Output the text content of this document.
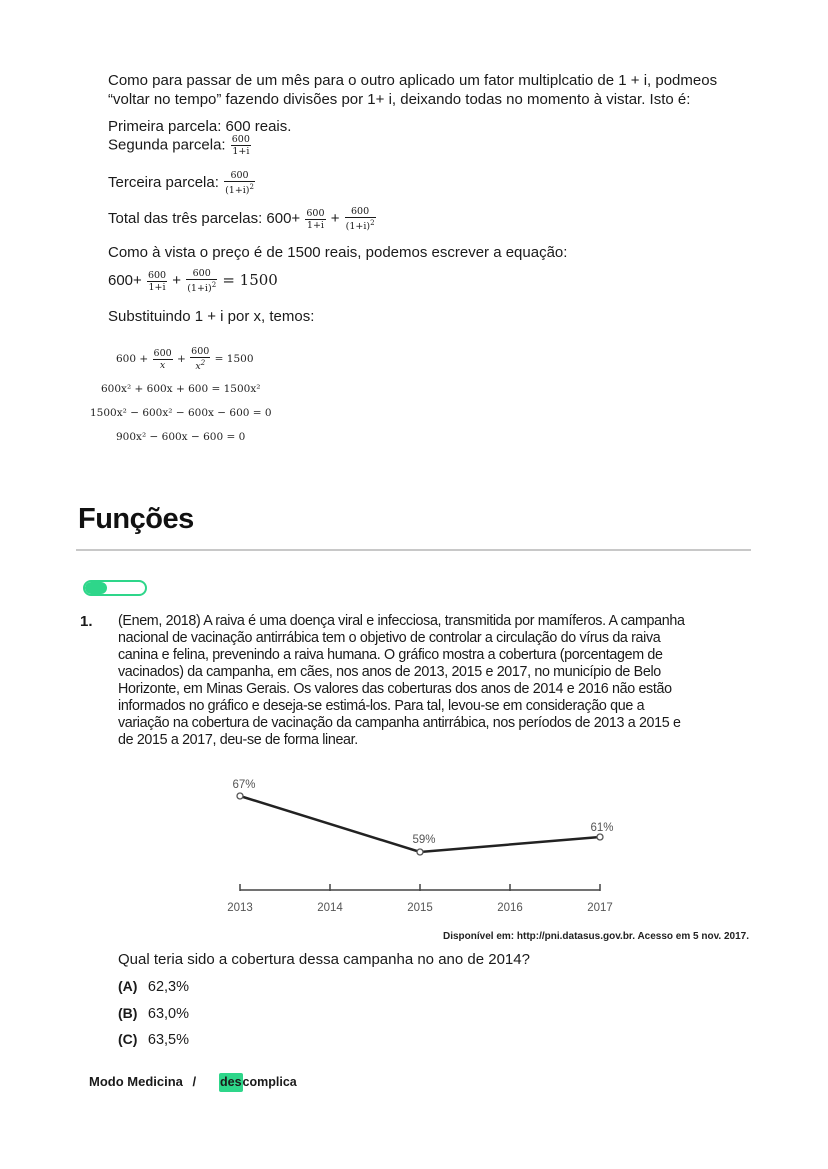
Como para passar de um mês para o outro aplicado um fator multiplcatio de 1 + i, podmeos
“voltar no tempo” fazendo divisões por 1+ i, deixando todas no momento à vistar. Isto é:
Primeira parcela: 600 reais.
Segunda parcela: $\frac{600}{1+i}$
Terceira parcela: $\frac{600}{(1+i)^2}$
Total das três parcelas: $600+ \frac{600}{1+i} + \frac{600}{(1+i)^2}$
Como à vista o preço é de 1500 reais, podemos escrever a equação:
$600+ \frac{600}{1+i} + \frac{600}{(1+i)^2} = 1500$
Substituindo 1 + i por x, temos:
$600 + \frac{600}{x} + \frac{600}{x^2} = 1500$
600x² + 600x + 600 = 1500x²
1500x² − 600x² − 600x − 600 = 0
900x² − 600x − 600 = 0
Funções
1. (Enem, 2018) A raiva é uma doença viral e infecciosa, transmitida por mamíferos. A campanha
nacional de vacinação antirrábica tem o objetivo de controlar a circulação do vírus da raiva
canina e felina, prevenindo a raiva humana. O gráfico mostra a cobertura (porcentagem de
vacinados) da campanha, em cães, nos anos de 2013, 2015 e 2017, no município de Belo
Horizonte, em Minas Gerais. Os valores das coberturas dos anos de 2014 e 2016 não estão
informados no gráfico e deseja-se estimá-los. Para tal, levou-se em consideração que a
variação na cobertura de vacinação da campanha antirrábica, nos períodos de 2013 a 2015 e
de 2015 a 2017, deu-se de forma linear.
2013	2014	2015	2016	2017
67%
59%
61%
Disponível em: http://pni.datasus.gov.br. Acesso em 5 nov. 2017.
Qual teria sido a cobertura dessa campanha no ano de 2014?
(A) 62,3%
(B) 63,0%
(C) 63,5%
Modo Medicina / descomplica
